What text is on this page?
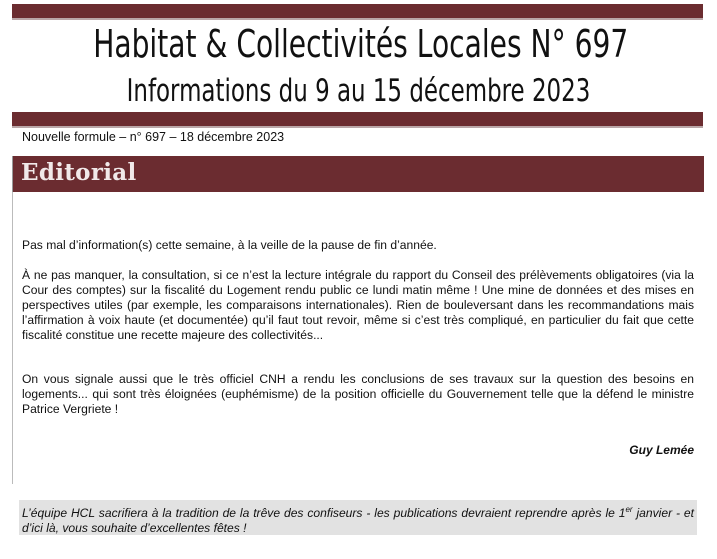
Habitat & Collectivités Locales N° 697
Informations du 9 au 15 décembre 2023
Nouvelle formule – n° 697 – 18 décembre 2023
Editorial

Pas mal d’information(s) cette semaine, à la veille de la pause de fin d’année.

À ne pas manquer, la consultation, si ce n’est la lecture intégrale du rapport du Conseil des prélèvements obligatoires (via la Cour des comptes) sur la fiscalité du Logement rendu public ce lundi matin même ! Une mine de données et des mises en perspectives utiles (par exemple, les comparaisons internationales). Rien de bouleversant dans les recommandations mais l’affirmation à voix haute (et documentée) qu’il faut tout revoir, même si c’est très compliqué, en particulier du fait que cette fiscalité constitue une recette majeure des collectivités...

On vous signale aussi que le très officiel CNH a rendu les conclusions de ses travaux sur la question des besoins en logements... qui sont très éloignées (euphémisme) de la position officielle du Gouvernement telle que la défend le ministre Patrice Vergriete !

Guy Lemée

L’équipe HCL sacrifiera à la tradition de la trêve des confiseurs - les publications devraient reprendre après le 1er janvier - et d’ici là, vous souhaite d’excellentes fêtes !
